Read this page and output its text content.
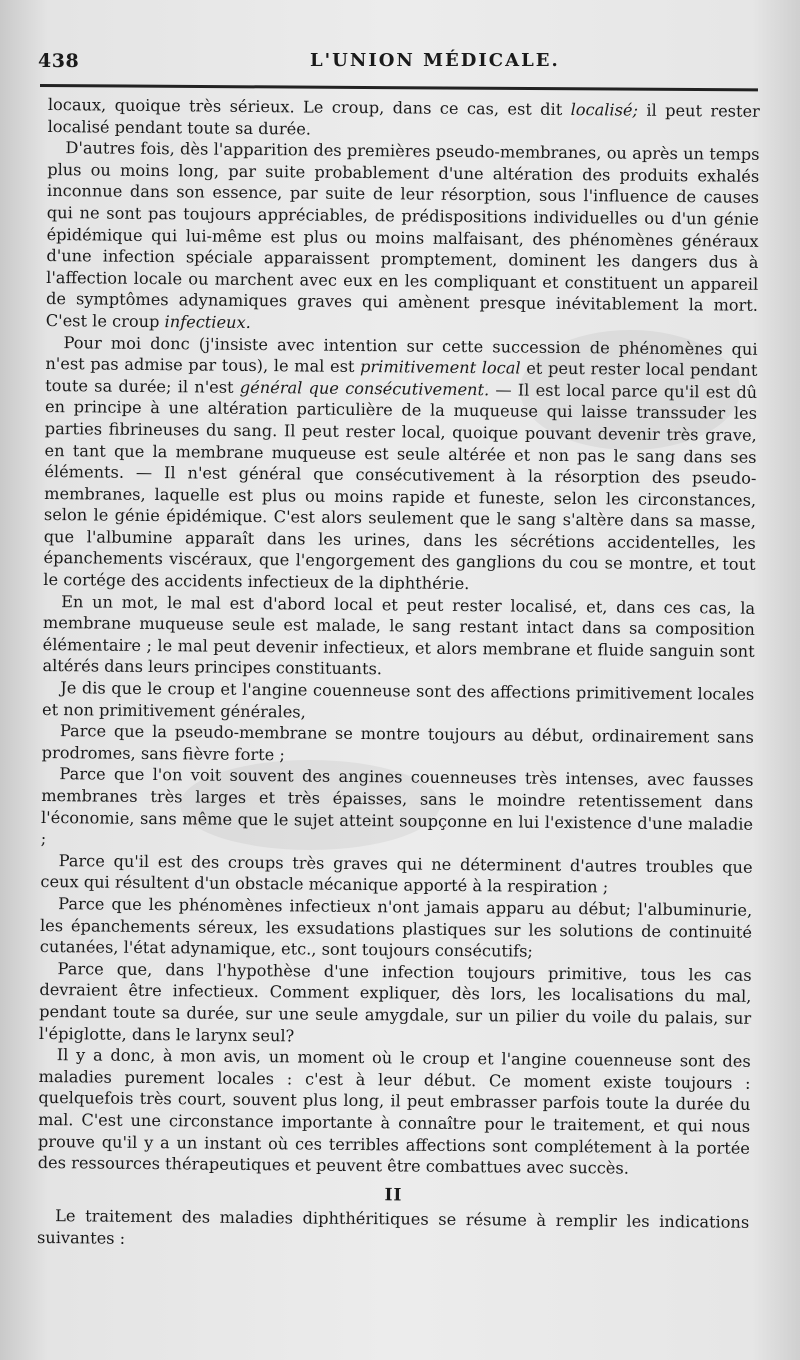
438	L'UNION MÉDICALE.

locaux, quoique très sérieux. Le croup, dans ce cas, est dit localisé; il peut rester localisé pendant toute sa durée.

D'autres fois, dès l'apparition des premières pseudo-membranes, ou après un temps plus ou moins long, par suite probablement d'une altération des produits exhalés inconnue dans son essence, par suite de leur résorption, sous l'influence de causes qui ne sont pas toujours appréciables, de prédispositions individuelles ou d'un génie épidémique qui lui-même est plus ou moins malfaisant, des phénomènes généraux d'une infection spéciale apparaissent promptement, dominent les dangers dus à l'affection locale ou marchent avec eux en les compliquant et constituent un appareil de symptômes adynamiques graves qui amènent presque inévitablement la mort. C'est le croup infectieux.

Pour moi donc (j'insiste avec intention sur cette succession de phénomènes qui n'est pas admise par tous), le mal est primitivement local et peut rester local pendant toute sa durée; il n'est général que consécutivement. — Il est local parce qu'il est dû en principe à une altération particulière de la muqueuse qui laisse transsuder les parties fibrineuses du sang. Il peut rester local, quoique pouvant devenir très grave, en tant que la membrane muqueuse est seule altérée et non pas le sang dans ses éléments. — Il n'est général que consécutivement à la résorption des pseudo-membranes, laquelle est plus ou moins rapide et funeste, selon les circonstances, selon le génie épidémique. C'est alors seulement que le sang s'altère dans sa masse, que l'albumine apparaît dans les urines, dans les sécrétions accidentelles, les épanchements viscéraux, que l'engorgement des ganglions du cou se montre, et tout le cortége des accidents infectieux de la diphthérie.

En un mot, le mal est d'abord local et peut rester localisé, et, dans ces cas, la membrane muqueuse seule est malade, le sang restant intact dans sa composition élémentaire ; le mal peut devenir infectieux, et alors membrane et fluide sanguin sont altérés dans leurs principes constituants.

Je dis que le croup et l'angine couenneuse sont des affections primitivement locales et non primitivement générales,

Parce que la pseudo-membrane se montre toujours au début, ordinairement sans prodromes, sans fièvre forte ;

Parce que l'on voit souvent des angines couenneuses très intenses, avec fausses membranes très larges et très épaisses, sans le moindre retentissement dans l'économie, sans même que le sujet atteint soupçonne en lui l'existence d'une maladie ;

Parce qu'il est des croups très graves qui ne déterminent d'autres troubles que ceux qui résultent d'un obstacle mécanique apporté à la respiration ;

Parce que les phénomènes infectieux n'ont jamais apparu au début; l'albuminurie, les épanchements séreux, les exsudations plastiques sur les solutions de continuité cutanées, l'état adynamique, etc., sont toujours consécutifs;

Parce que, dans l'hypothèse d'une infection toujours primitive, tous les cas devraient être infectieux. Comment expliquer, dès lors, les localisations du mal, pendant toute sa durée, sur une seule amygdale, sur un pilier du voile du palais, sur l'épiglotte, dans le larynx seul?

Il y a donc, à mon avis, un moment où le croup et l'angine couenneuse sont des maladies purement locales : c'est à leur début. Ce moment existe toujours : quelquefois très court, souvent plus long, il peut embrasser parfois toute la durée du mal. C'est une circonstance importante à connaître pour le traitement, et qui nous prouve qu'il y a un instant où ces terribles affections sont complétement à la portée des ressources thérapeutiques et peuvent être combattues avec succès.

II

Le traitement des maladies diphthéritiques se résume à remplir les indications suivantes :
